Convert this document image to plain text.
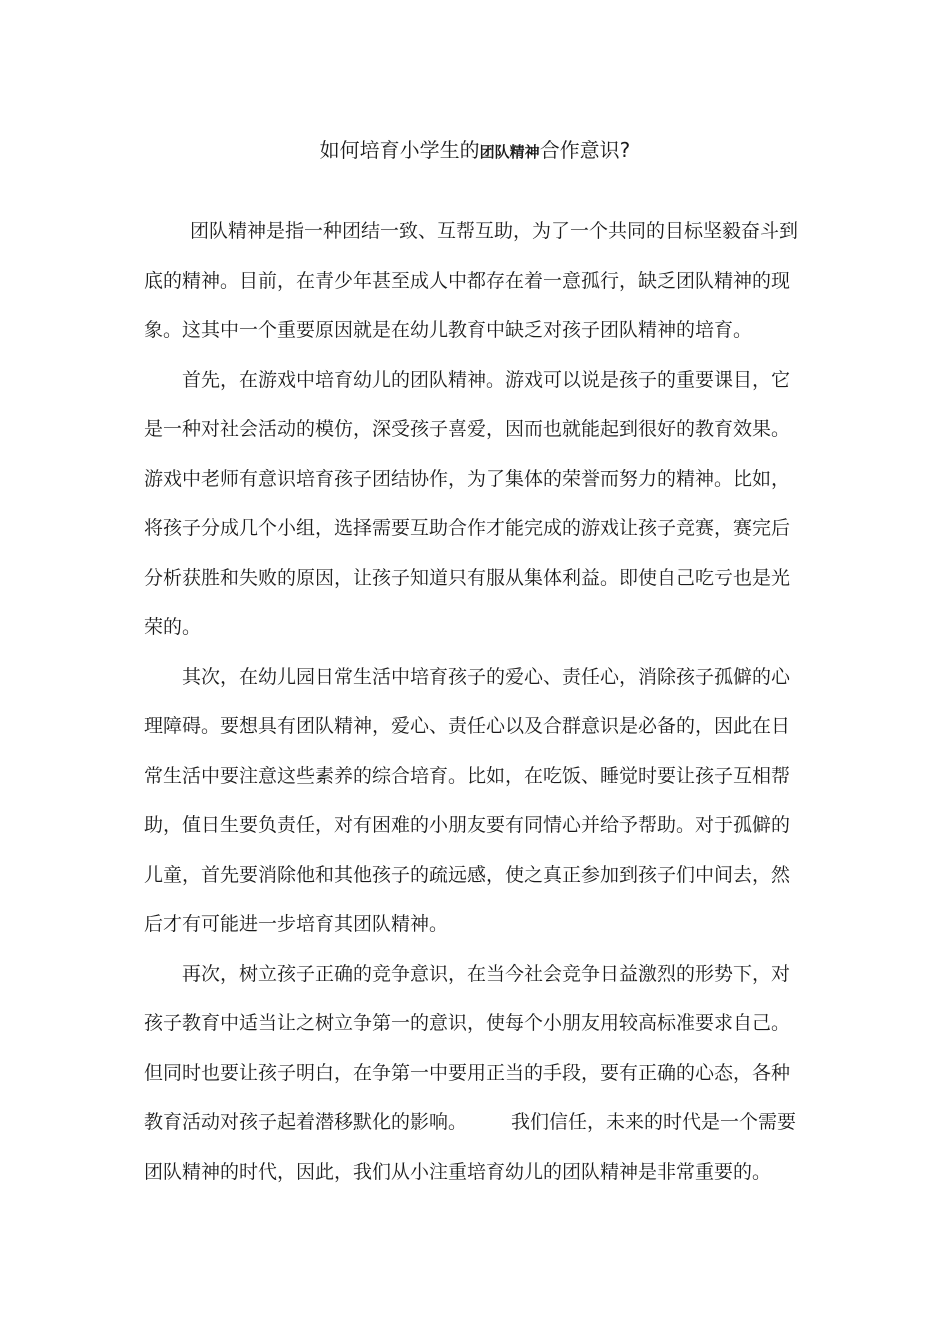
如何培育小学生的团队精神合作意识?
团队精神是指一种团结一致、互帮互助，为了一个共同的目标坚毅奋斗到
底的精神。目前，在青少年甚至成人中都存在着一意孤行，缺乏团队精神的现
象。这其中一个重要原因就是在幼儿教育中缺乏对孩子团队精神的培育。
首先，在游戏中培育幼儿的团队精神。游戏可以说是孩子的重要课目，它
是一种对社会活动的模仿，深受孩子喜爱，因而也就能起到很好的教育效果。
游戏中老师有意识培育孩子团结协作，为了集体的荣誉而努力的精神。比如，
将孩子分成几个小组，选择需要互助合作才能完成的游戏让孩子竞赛，赛完后
分析获胜和失败的原因，让孩子知道只有服从集体利益。即使自己吃亏也是光
荣的。
其次，在幼儿园日常生活中培育孩子的爱心、责任心，消除孩子孤僻的心
理障碍。要想具有团队精神，爱心、责任心以及合群意识是必备的，因此在日
常生活中要注意这些素养的综合培育。比如，在吃饭、睡觉时要让孩子互相帮
助，值日生要负责任，对有困难的小朋友要有同情心并给予帮助。对于孤僻的
儿童，首先要消除他和其他孩子的疏远感，使之真正参加到孩子们中间去，然
后才有可能进一步培育其团队精神。
再次，树立孩子正确的竞争意识，在当今社会竞争日益激烈的形势下，对
孩子教育中适当让之树立争第一的意识，使每个小朋友用较高标准要求自己。
但同时也要让孩子明白，在争第一中要用正当的手段，要有正确的心态，各种
教育活动对孩子起着潜移默化的影响。 我们信任，未来的时代是一个需要
团队精神的时代，因此，我们从小注重培育幼儿的团队精神是非常重要的。
